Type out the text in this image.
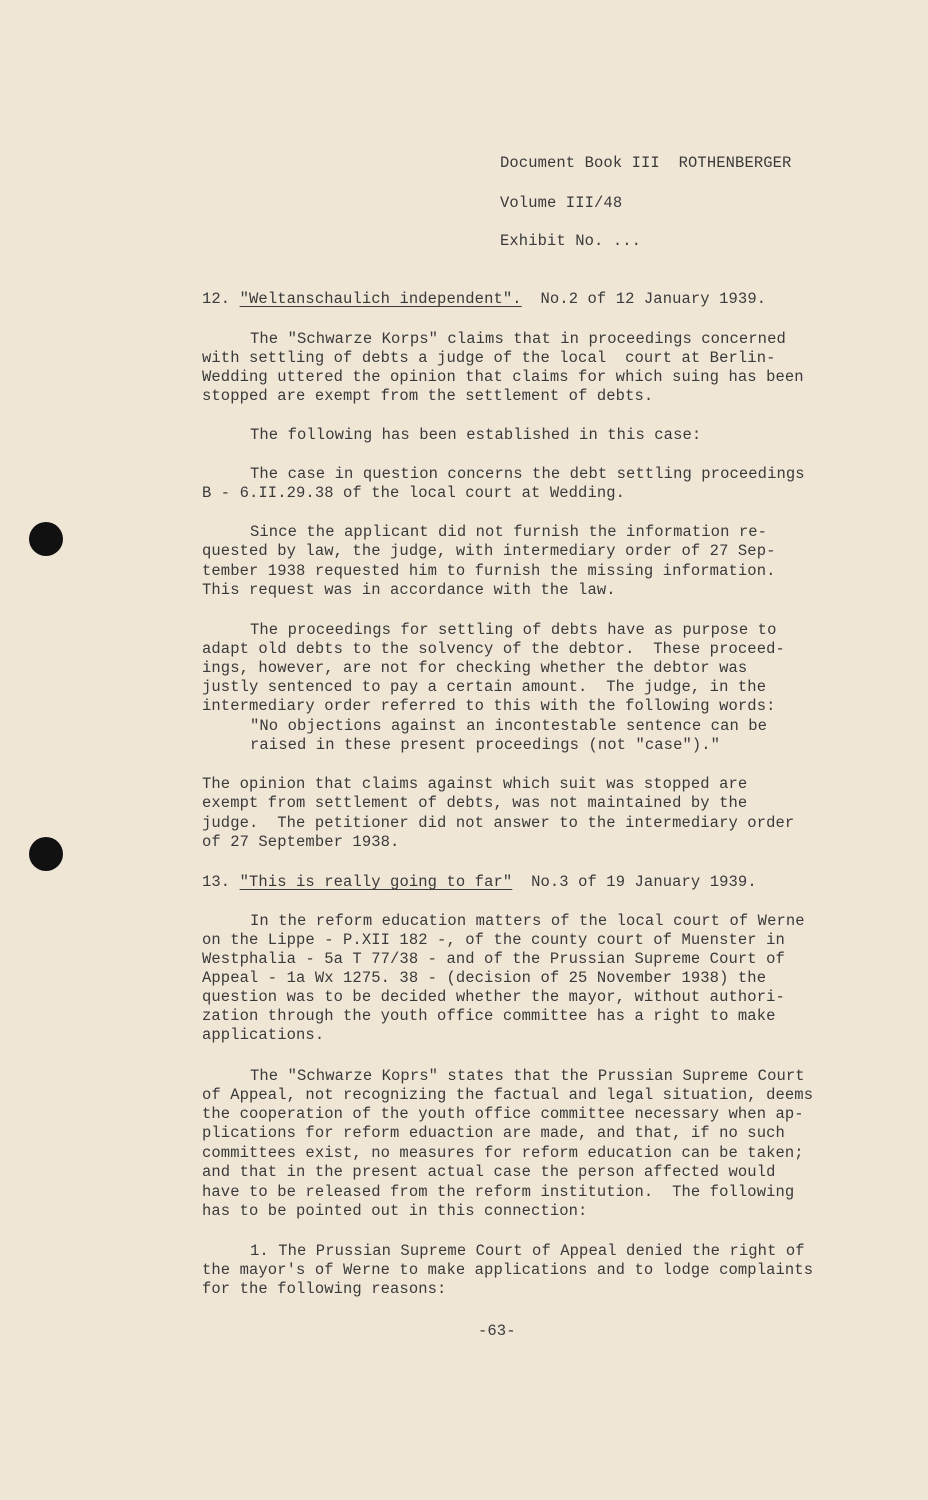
Document Book III  ROTHENBERGER
Volume III/48
Exhibit No. ...
12. "Weltanschaulich independent". No.2 of 12 January 1939.
The "Schwarze Korps" claims that in proceedings concerned
with settling of debts a judge of the local  court at Berlin-
Wedding uttered the opinion that claims for which suing has been
stopped are exempt from the settlement of debts.
The following has been established in this case:
The case in question concerns the debt settling proceedings
B - 6.II.29.38 of the local court at Wedding.
Since the applicant did not furnish the information re-
quested by law, the judge, with intermediary order of 27 Sep-
tember 1938 requested him to furnish the missing information.
This request was in accordance with the law.
The proceedings for settling of debts have as purpose to
adapt old debts to the solvency of the debtor.  These proceed-
ings, however, are not for checking whether the debtor was
justly sentenced to pay a certain amount.  The judge, in the
intermediary order referred to this with the following words:
"No objections against an incontestable sentence can be
raised in these present proceedings (not "case")."
The opinion that claims against which suit was stopped are
exempt from settlement of debts, was not maintained by the
judge.  The petitioner did not answer to the intermediary order
of 27 September 1938.
13. "This is really going to far" No.3 of 19 January 1939.
In the reform education matters of the local court of Werne
on the Lippe - P.XII 182 -, of the county court of Muenster in
Westphalia - 5a T 77/38 - and of the Prussian Supreme Court of
Appeal - 1a Wx 1275. 38 - (decision of 25 November 1938) the
question was to be decided whether the mayor, without authori-
zation through the youth office committee has a right to make
applications.
The "Schwarze Koprs" states that the Prussian Supreme Court
of Appeal, not recognizing the factual and legal situation, deems
the cooperation of the youth office committee necessary when ap-
plications for reform eduaction are made, and that, if no such
committees exist, no measures for reform education can be taken;
and that in the present actual case the person affected would
have to be released from the reform institution.  The following
has to be pointed out in this connection:
1. The Prussian Supreme Court of Appeal denied the right of
the mayor's of Werne to make applications and to lodge complaints
for the following reasons:
-63-
